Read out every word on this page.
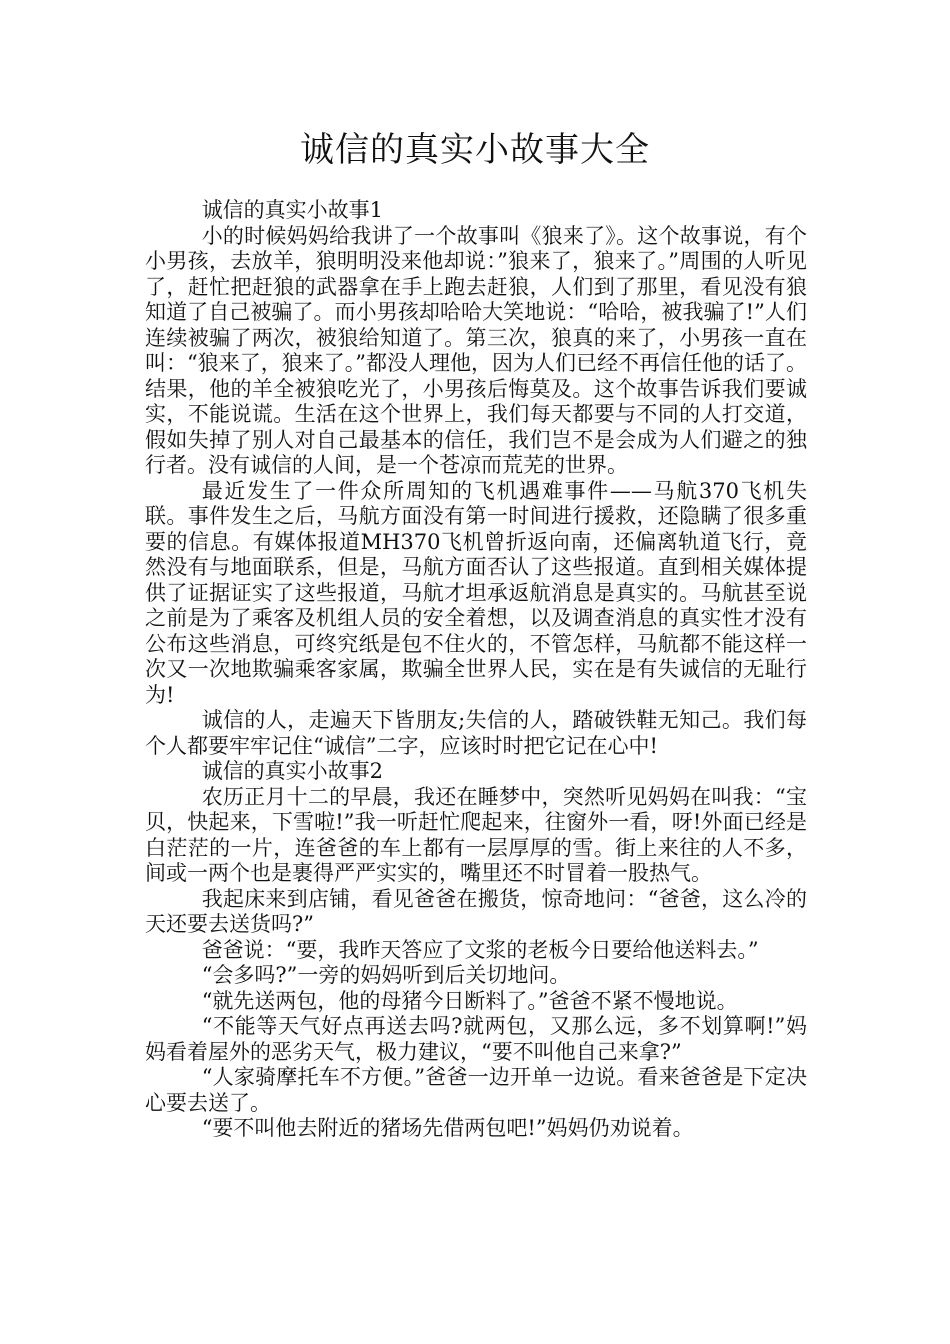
诚信的真实小故事大全

诚信的真实小故事1

小的时候妈妈给我讲了一个故事叫《狼来了》。这个故事说，有个小男孩，去放羊，狼明明没来他却说：”狼来了，狼来了。”周围的人听见了，赶忙把赶狼的武器拿在手上跑去赶狼，人们到了那里，看见没有狼知道了自己被骗了。而小男孩却哈哈大笑地说：“哈哈，被我骗了!”人们连续被骗了两次，被狼给知道了。第三次，狼真的来了，小男孩一直在叫：“狼来了，狼来了。”都没人理他，因为人们已经不再信任他的话了。结果，他的羊全被狼吃光了，小男孩后悔莫及。这个故事告诉我们要诚实，不能说谎。生活在这个世界上，我们每天都要与不同的人打交道，假如失掉了别人对自己最基本的信任，我们岂不是会成为人们避之的独行者。没有诚信的人间，是一个苍凉而荒芜的世界。

最近发生了一件众所周知的飞机遇难事件——马航370飞机失联。事件发生之后，马航方面没有第一时间进行援救，还隐瞒了很多重要的信息。有媒体报道MH370飞机曾折返向南，还偏离轨道飞行，竟然没有与地面联系，但是，马航方面否认了这些报道。直到相关媒体提供了证据证实了这些报道，马航才坦承返航消息是真实的。马航甚至说之前是为了乘客及机组人员的安全着想，以及调查消息的真实性才没有公布这些消息，可终究纸是包不住火的，不管怎样，马航都不能这样一次又一次地欺骗乘客家属，欺骗全世界人民，实在是有失诚信的无耻行为!

诚信的人，走遍天下皆朋友;失信的人，踏破铁鞋无知己。我们每个人都要牢牢记住“诚信”二字，应该时时把它记在心中!

诚信的真实小故事2

农历正月十二的早晨，我还在睡梦中，突然听见妈妈在叫我：“宝贝，快起来，下雪啦!”我一听赶忙爬起来，往窗外一看，呀!外面已经是白茫茫的一片，连爸爸的车上都有一层厚厚的雪。街上来往的人不多，间或一两个也是裹得严严实实的，嘴里还不时冒着一股热气。

我起床来到店铺，看见爸爸在搬货，惊奇地问：“爸爸，这么冷的天还要去送货吗?”

爸爸说：“要，我昨天答应了文浆的老板今日要给他送料去。”

“会多吗?”一旁的妈妈听到后关切地问。

“就先送两包，他的母猪今日断料了。”爸爸不紧不慢地说。

“不能等天气好点再送去吗?就两包，又那么远，多不划算啊!”妈妈看着屋外的恶劣天气，极力建议，“要不叫他自己来拿?”

“人家骑摩托车不方便。”爸爸一边开单一边说。看来爸爸是下定决心要去送了。

“要不叫他去附近的猪场先借两包吧!”妈妈仍劝说着。
